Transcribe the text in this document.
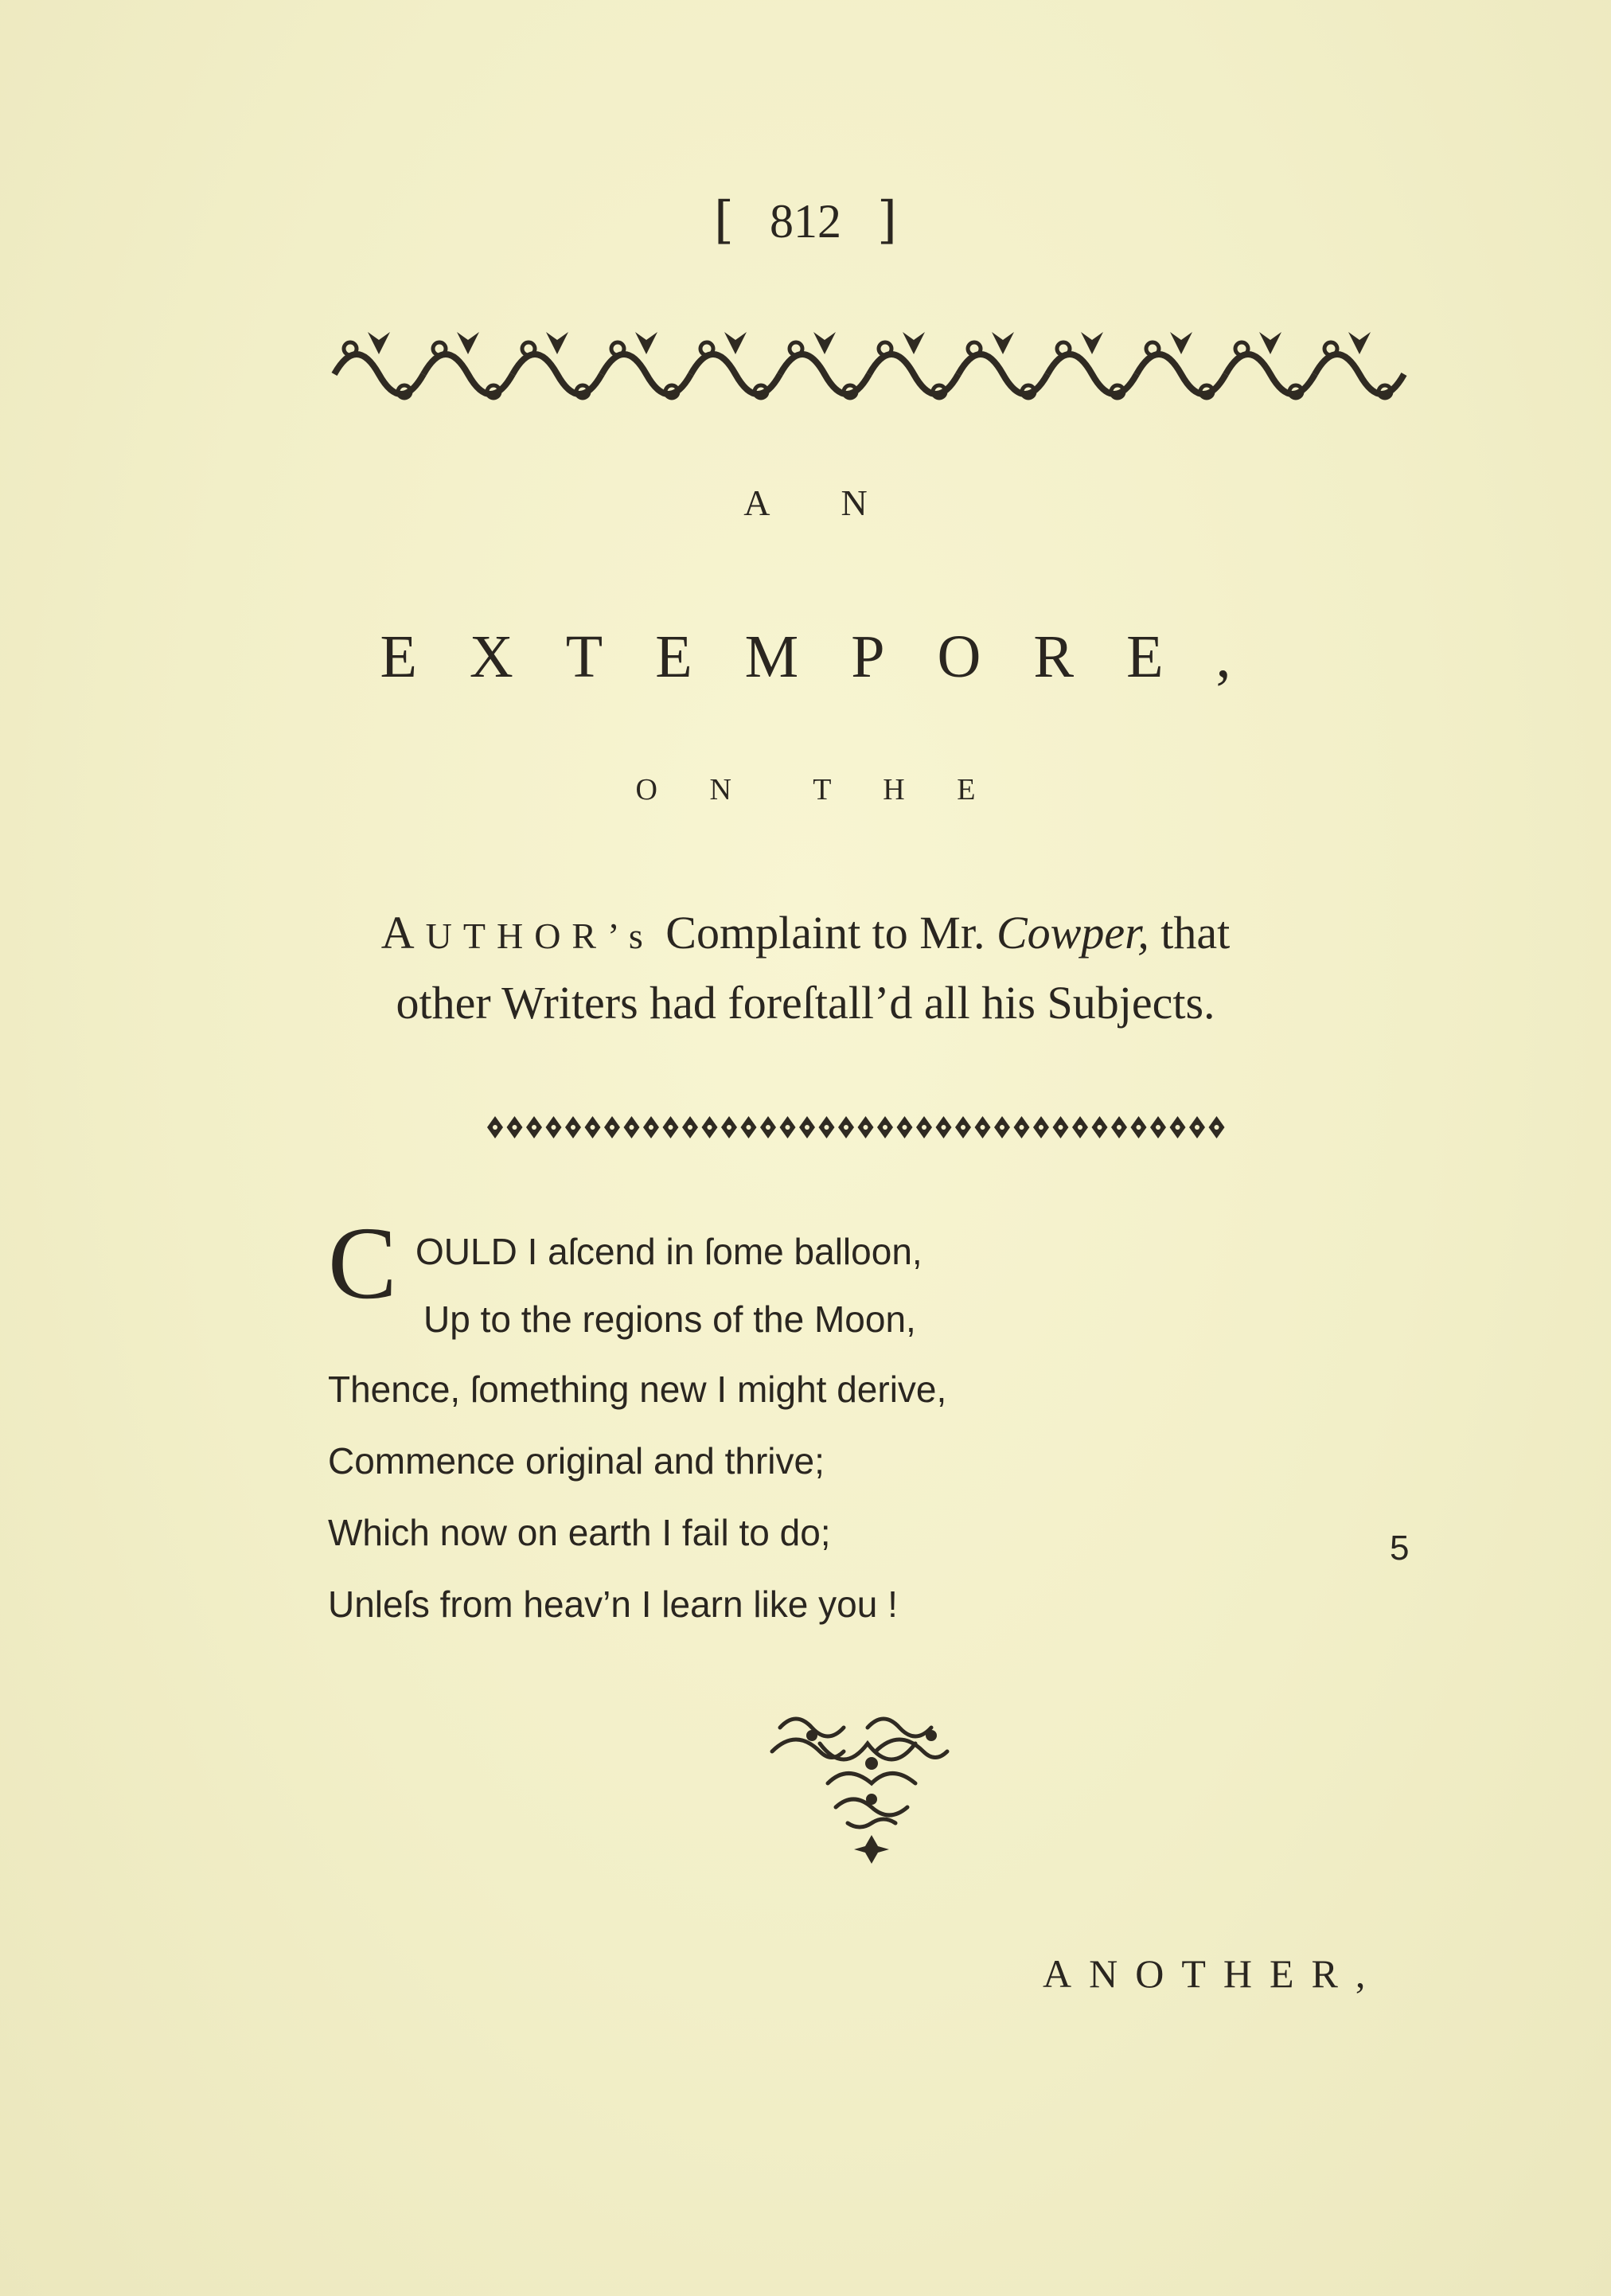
[ 812 ]
A N
EXTEMPORE,
O N  T H E
AUTHOR’s Complaint to Mr. Cowper, that
other Writers had foreſtall’d all his Subjects.
C OULD I aſcend in ſome balloon,
Up to the regions of the Moon,
Thence, ſomething new I might derive,
Commence original and thrive;
Which now on earth I fail to do;
Unleſs from heav’n I learn like you !
5
ANOTHER,
